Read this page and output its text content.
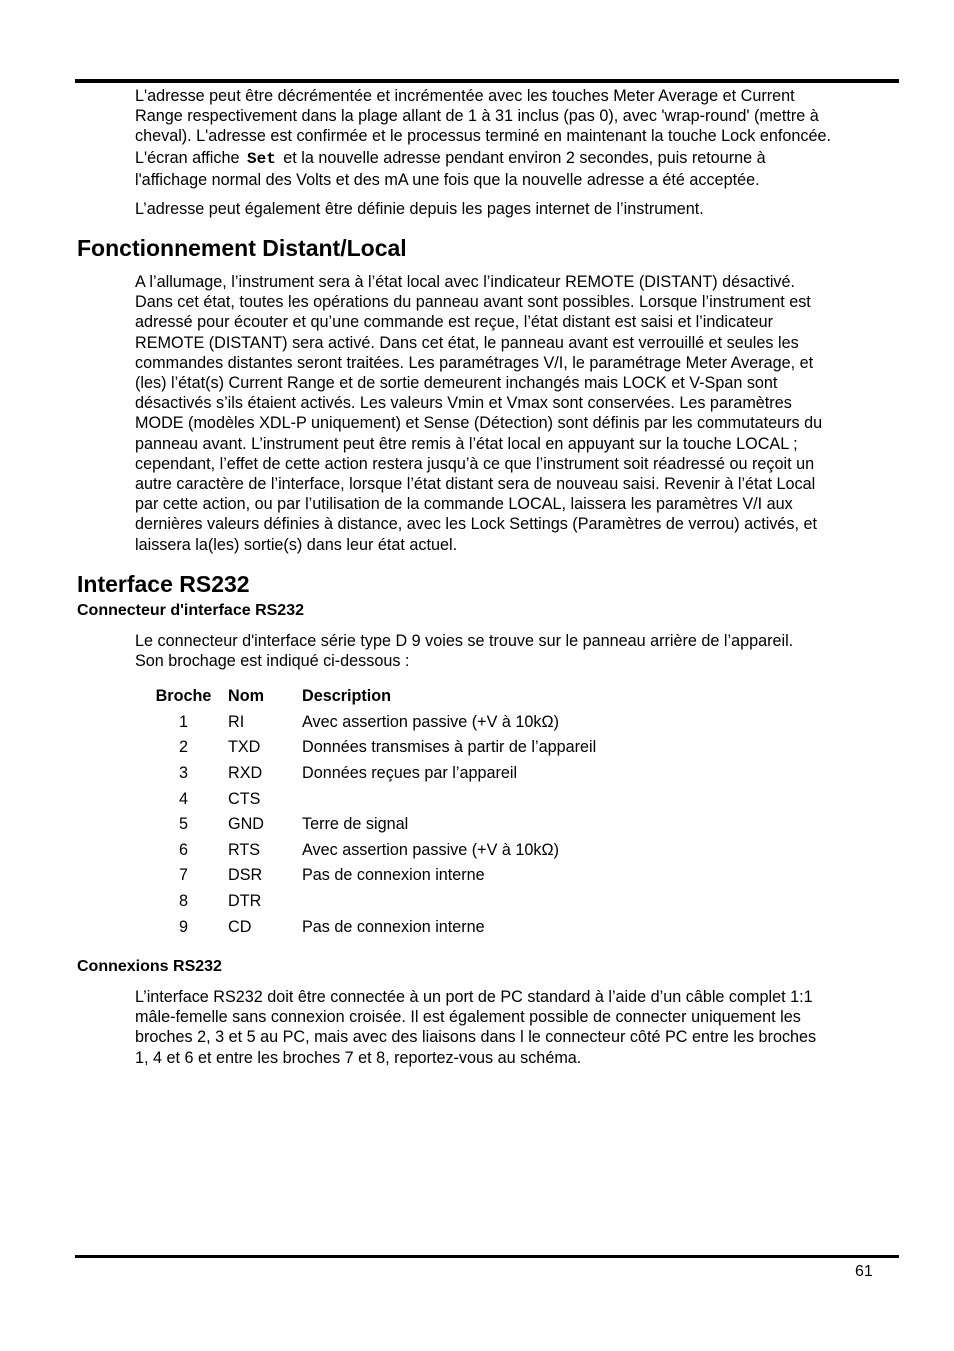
L'adresse peut être décrémentée et incrémentée avec les touches Meter Average et Current
Range respectivement dans la plage allant de 1 à 31 inclus (pas 0), avec 'wrap-round' (mettre à
cheval). L'adresse est confirmée et le processus terminé en maintenant la touche Lock enfoncée.
L'écran affiche Set et la nouvelle adresse pendant environ 2 secondes, puis retourne à
l'affichage normal des Volts et des mA une fois que la nouvelle adresse a été acceptée.
L’adresse peut également être définie depuis les pages internet de l’instrument.
Fonctionnement Distant/Local
A l’allumage, l’instrument sera à l’état local avec l’indicateur REMOTE (DISTANT) désactivé.
Dans cet état, toutes les opérations du panneau avant sont possibles. Lorsque l’instrument est
adressé pour écouter et qu’une commande est reçue, l’état distant est saisi et l’indicateur
REMOTE (DISTANT) sera activé. Dans cet état, le panneau avant est verrouillé et seules les
commandes distantes seront traitées. Les paramétrages V/I, le paramétrage Meter Average, et
(les) l’état(s) Current Range et de sortie demeurent inchangés mais LOCK et V-Span sont
désactivés s’ils étaient activés. Les valeurs Vmin et Vmax sont conservées. Les paramètres
MODE (modèles XDL-P uniquement) et Sense (Détection) sont définis par les commutateurs du
panneau avant. L’instrument peut être remis à l’état local en appuyant sur la touche LOCAL ;
cependant, l’effet de cette action restera jusqu’à ce que l’instrument soit réadressé ou reçoit un
autre caractère de l’interface, lorsque l’état distant sera de nouveau saisi. Revenir à l’état Local
par cette action, ou par l’utilisation de la commande LOCAL, laissera les paramètres V/I aux
dernières valeurs définies à distance, avec les Lock Settings (Paramètres de verrou) activés, et
laissera la(les) sortie(s) dans leur état actuel.
Interface RS232
Connecteur d'interface RS232
Le connecteur d'interface série type D 9 voies se trouve sur le panneau arrière de l’appareil.
Son brochage est indiqué ci-dessous :
Broche	Nom	Description
1	RI	Avec assertion passive (+V à 10kΩ)
2	TXD	Données transmises à partir de l’appareil
3	RXD	Données reçues par l’appareil
4	CTS	
5	GND	Terre de signal
6	RTS	Avec assertion passive (+V à 10kΩ)
7	DSR	Pas de connexion interne
8	DTR	
9	CD	Pas de connexion interne
Connexions RS232
L’interface RS232 doit être connectée à un port de PC standard à l’aide d’un câble complet 1:1
mâle-femelle sans connexion croisée. Il est également possible de connecter uniquement les
broches 2, 3 et 5 au PC, mais avec des liaisons dans l le connecteur côté PC entre les broches
1, 4 et 6 et entre les broches 7 et 8, reportez-vous au schéma.
61
